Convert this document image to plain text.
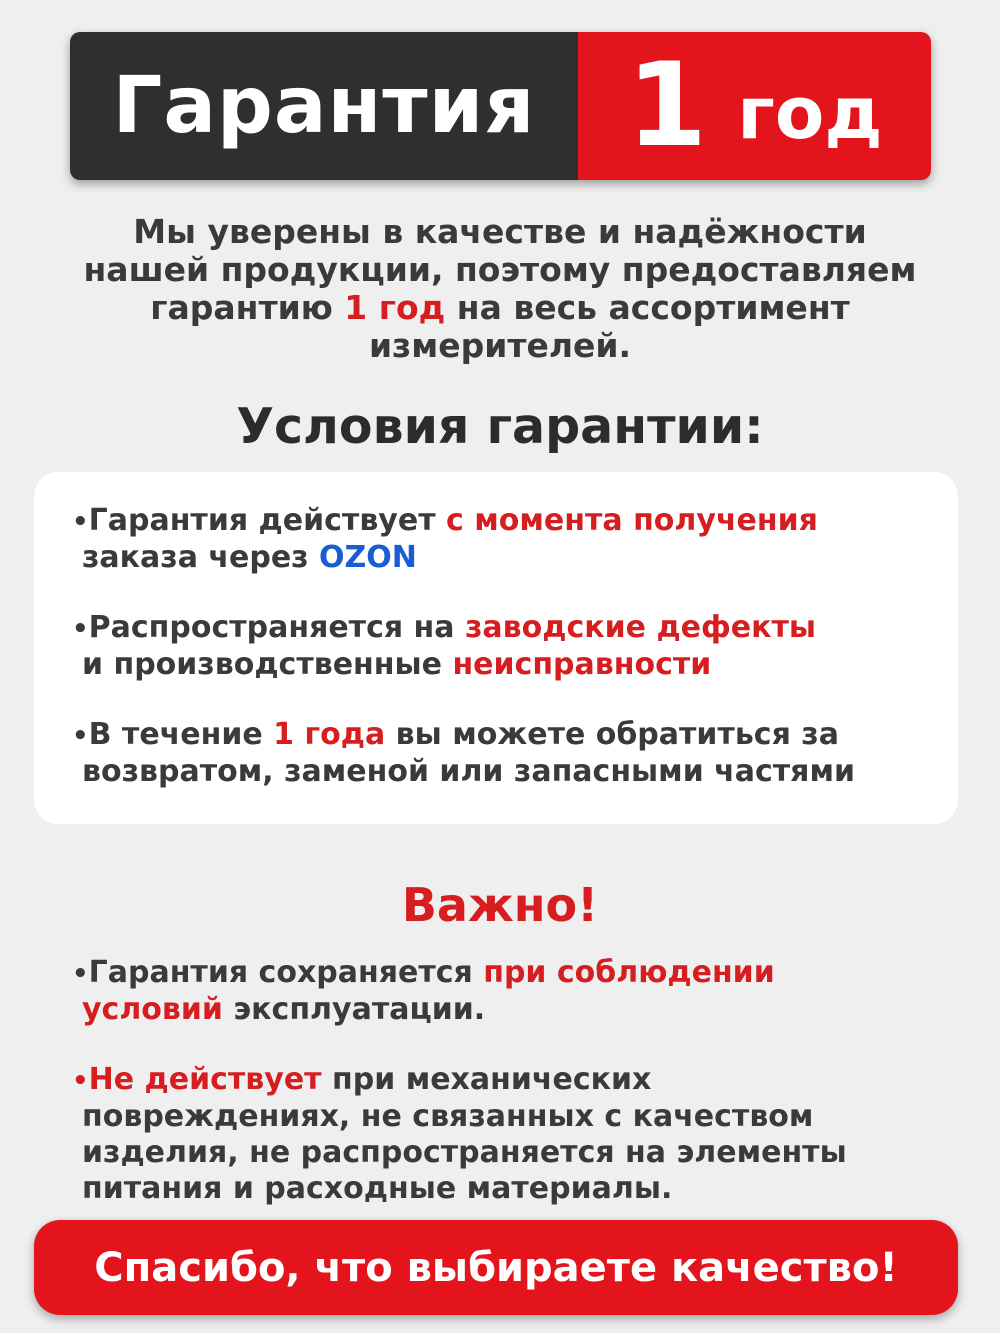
Гарантия 1 год
Мы уверены в качестве и надёжности
нашей продукции, поэтому предоставляем
гарантию 1 год на весь ассортимент
измерителей.
Условия гарантии:
•Гарантия действует с момента получения
заказа через OZON
•Распространяется на заводские дефекты
и производственные неисправности
•В течение 1 года вы можете обратиться за
возвратом, заменой или запасными частями
Важно!
•Гарантия сохраняется при соблюдении
условий эксплуатации.
•Не действует при механических
повреждениях, не связанных с качеством
изделия, не распространяется на элементы
питания и расходные материалы.
Спасибо, что выбираете качество!
